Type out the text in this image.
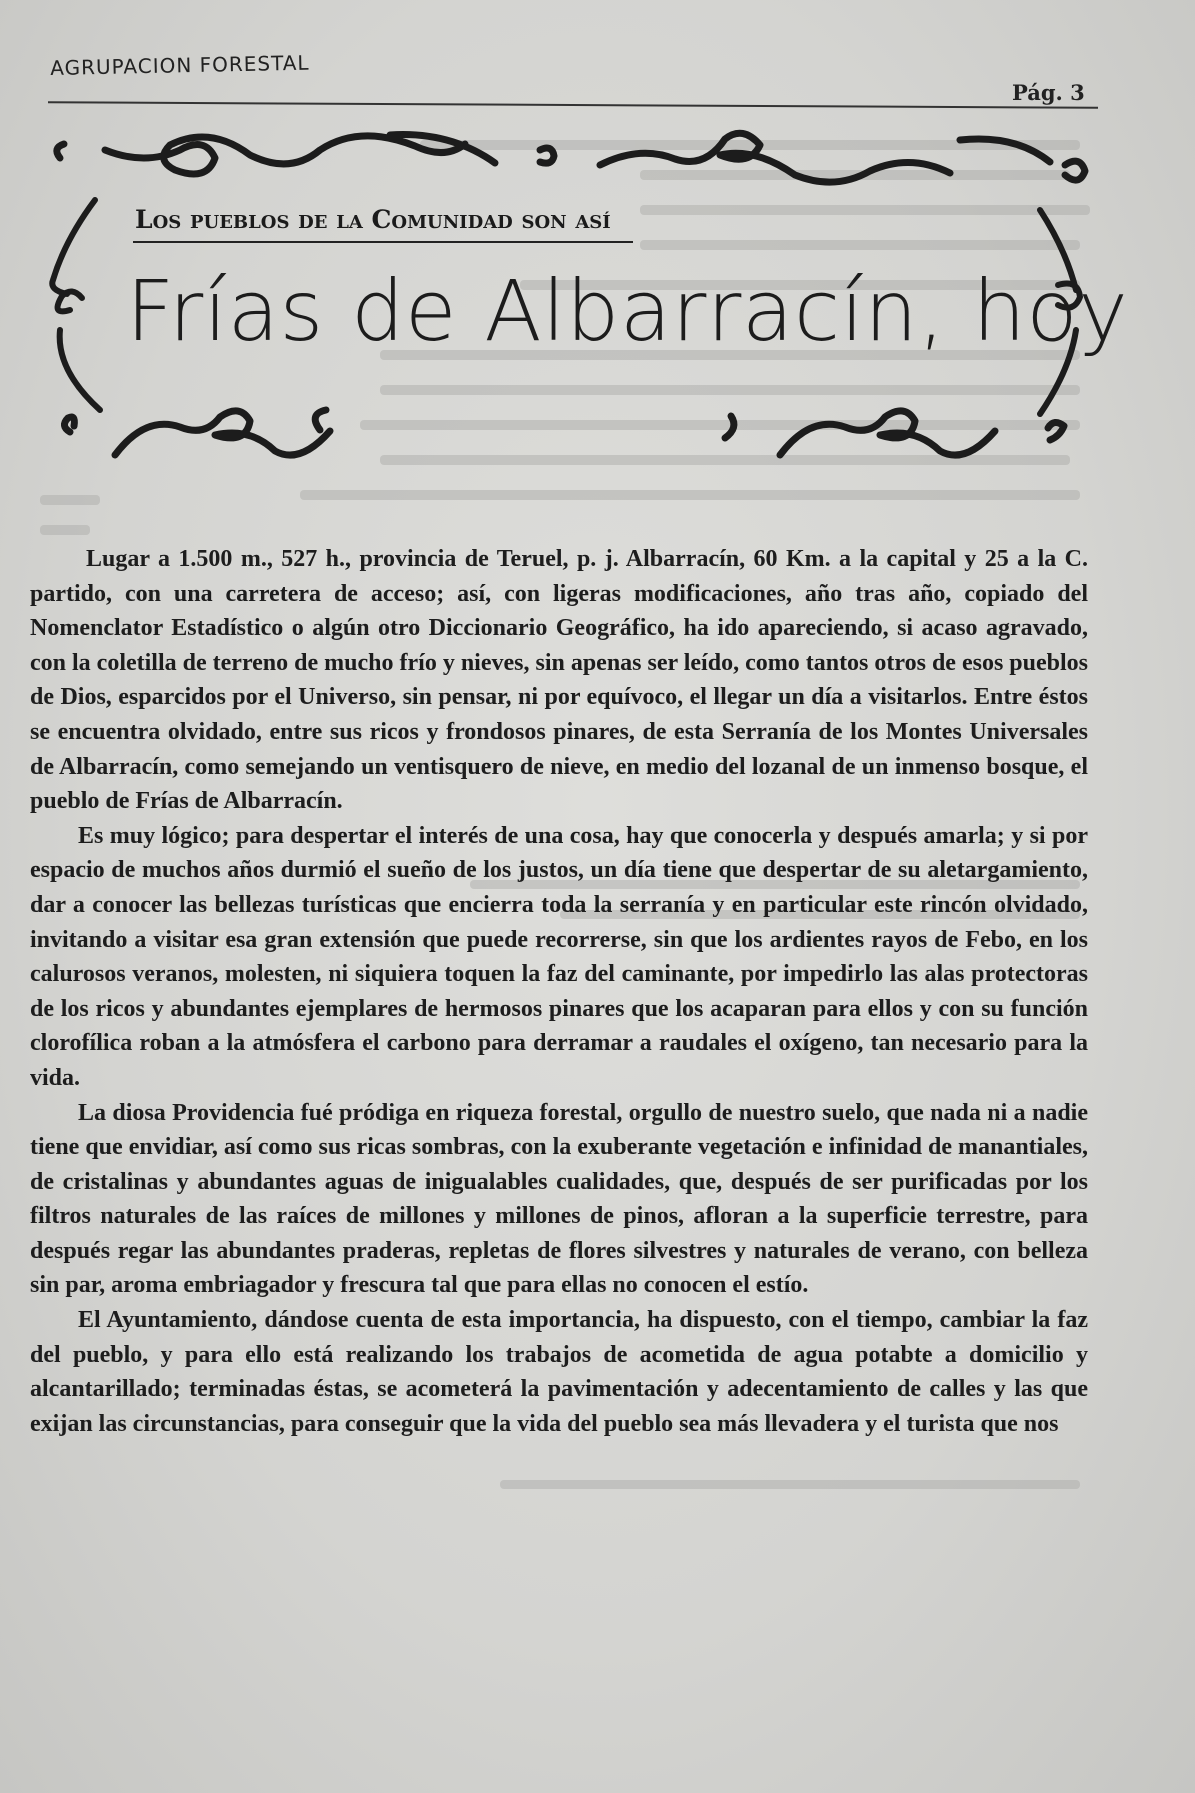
AGRUPACION FORESTAL
Pág. 3
Los pueblos de la Comunidad son así
Frías de Albarracín, hoy

Lugar a 1.500 m., 527 h., provincia de Teruel, p. j. Albarracín, 60 Km. a la capital y 25 a la C. partido, con una carretera de acceso; así, con ligeras modificaciones, año tras año, copiado del Nomenclator Estadístico o algún otro Diccionario Geográfico, ha ido apareciendo, si acaso agravado, con la coletilla de terreno de mucho frío y nieves, sin apenas ser leído, como tantos otros de esos pueblos de Dios, esparcidos por el Universo, sin pensar, ni por equívoco, el llegar un día a visitarlos. Entre éstos se encuentra olvidado, entre sus ricos y frondosos pinares, de esta Serranía de los Montes Universales de Albarracín, como semejando un ventisquero de nieve, en medio del lozanal de un inmenso bosque, el pueblo de Frías de Albarracín.

Es muy lógico; para despertar el interés de una cosa, hay que conocerla y después amarla; y si por espacio de muchos años durmió el sueño de los justos, un día tiene que despertar de su aletargamiento, dar a conocer las bellezas turísticas que encierra toda la serranía y en particular este rincón olvidado, invitando a visitar esa gran extensión que puede recorrerse, sin que los ardientes rayos de Febo, en los calurosos veranos, molesten, ni siquiera toquen la faz del caminante, por impedirlo las alas protectoras de los ricos y abundantes ejemplares de hermosos pinares que los acaparan para ellos y con su función clorofílica roban a la atmósfera el carbono para derramar a raudales el oxígeno, tan necesario para la vida.

La diosa Providencia fué pródiga en riqueza forestal, orgullo de nuestro suelo, que nada ni a nadie tiene que envidiar, así como sus ricas sombras, con la exuberante vegetación e infinidad de manantiales, de cristalinas y abundantes aguas de inigualables cualidades, que, después de ser purificadas por los filtros naturales de las raíces de millones y millones de pinos, afloran a la superficie terrestre, para después regar las abundantes praderas, repletas de flores silvestres y naturales de verano, con belleza sin par, aroma embriagador y frescura tal que para ellas no conocen el estío.

El Ayuntamiento, dándose cuenta de esta importancia, ha dispuesto, con el tiempo, cambiar la faz del pueblo, y para ello está realizando los trabajos de acometida de agua potabte a domicilio y alcantarillado; terminadas éstas, se acometerá la pavimentación y adecentamiento de calles y las que exijan las circunstancias, para conseguir que la vida del pueblo sea más llevadera y el turista que nos
